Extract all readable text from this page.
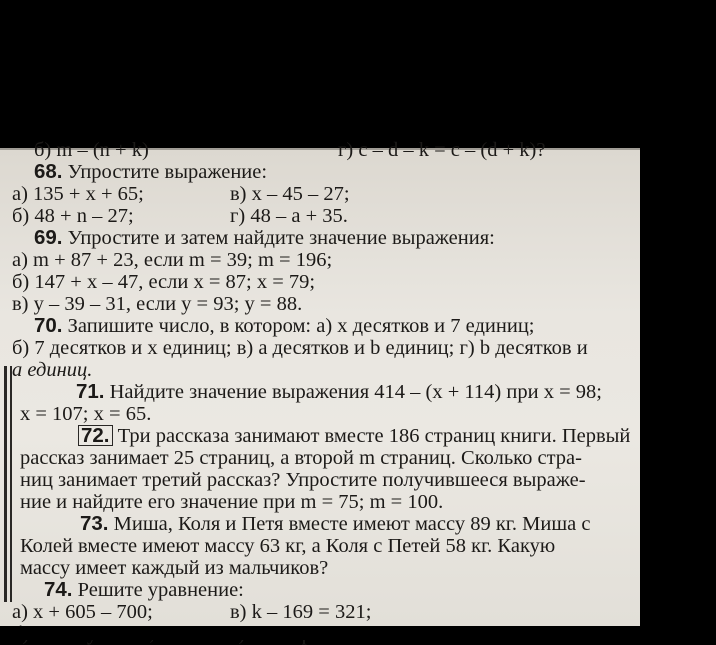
б) m – (n + k)	г) c – d – k = c – (d + k)?
68. Упростите выражение:
а) 135 + x + 65;	в) x – 45 – 27;
б) 48 + n – 27;	г) 48 – a + 35.
69. Упростите и затем найдите значение выражения:
а) m + 87 + 23, если m = 39; m = 196;
б) 147 + x – 47, если x = 87; x = 79;
в) y – 39 – 31, если y = 93; y = 88.
70. Запишите число, в котором: а) x десятков и 7 единиц;
б) 7 десятков и x единиц; в) a десятков и b единиц; г) b десятков и
a единиц.
71. Найдите значение выражения 414 – (x + 114) при x = 98;
x = 107; x = 65.
72. Три рассказа занимают вместе 186 страниц книги. Первый
рассказ занимает 25 страниц, а второй m страниц. Сколько стра-
ниц занимает третий рассказ? Упростите получившееся выраже-
ние и найдите его значение при m = 75; m = 100.
73. Миша, Коля и Петя вместе имеют массу 89 кг. Миша с
Колей вместе имеют массу 63 кг, а Коля с Петей 58 кг. Какую
массу имеет каждый из мальчиков?
74. Решите уравнение:
а) x + 605 – 700;	в) k – 169 = 321;
